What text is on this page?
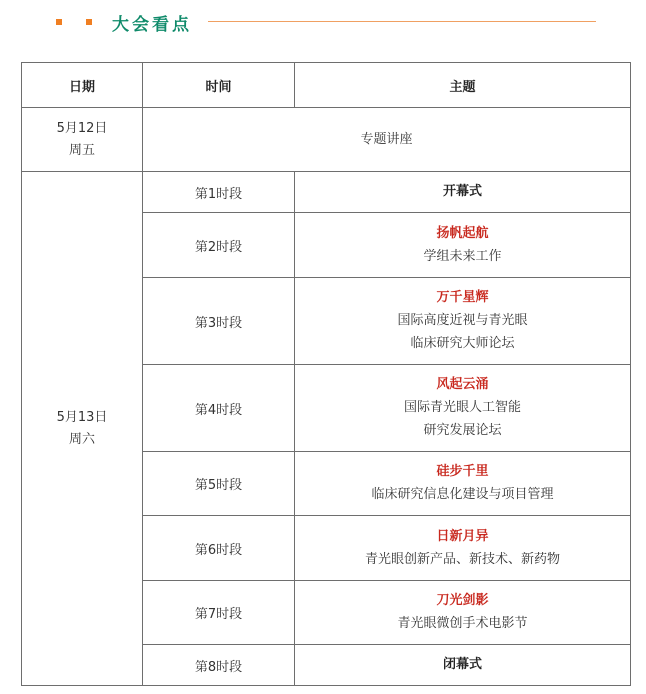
大会看点
日期	时间	主题

5月12日
周五	专题讲座	

5月13日
周六	第1时段	开幕式

	第2时段	扬帆起航
学组未来工作

	第3时段	万千星辉
国际高度近视与青光眼
临床研究大师论坛

	第4时段	风起云涌
国际青光眼人工智能
研究发展论坛

	第5时段	硅步千里
临床研究信息化建设与项目管理

	第6时段	日新月异
青光眼创新产品、新技术、新药物

	第7时段	刀光剑影
青光眼微创手术电影节

	第8时段	闭幕式
